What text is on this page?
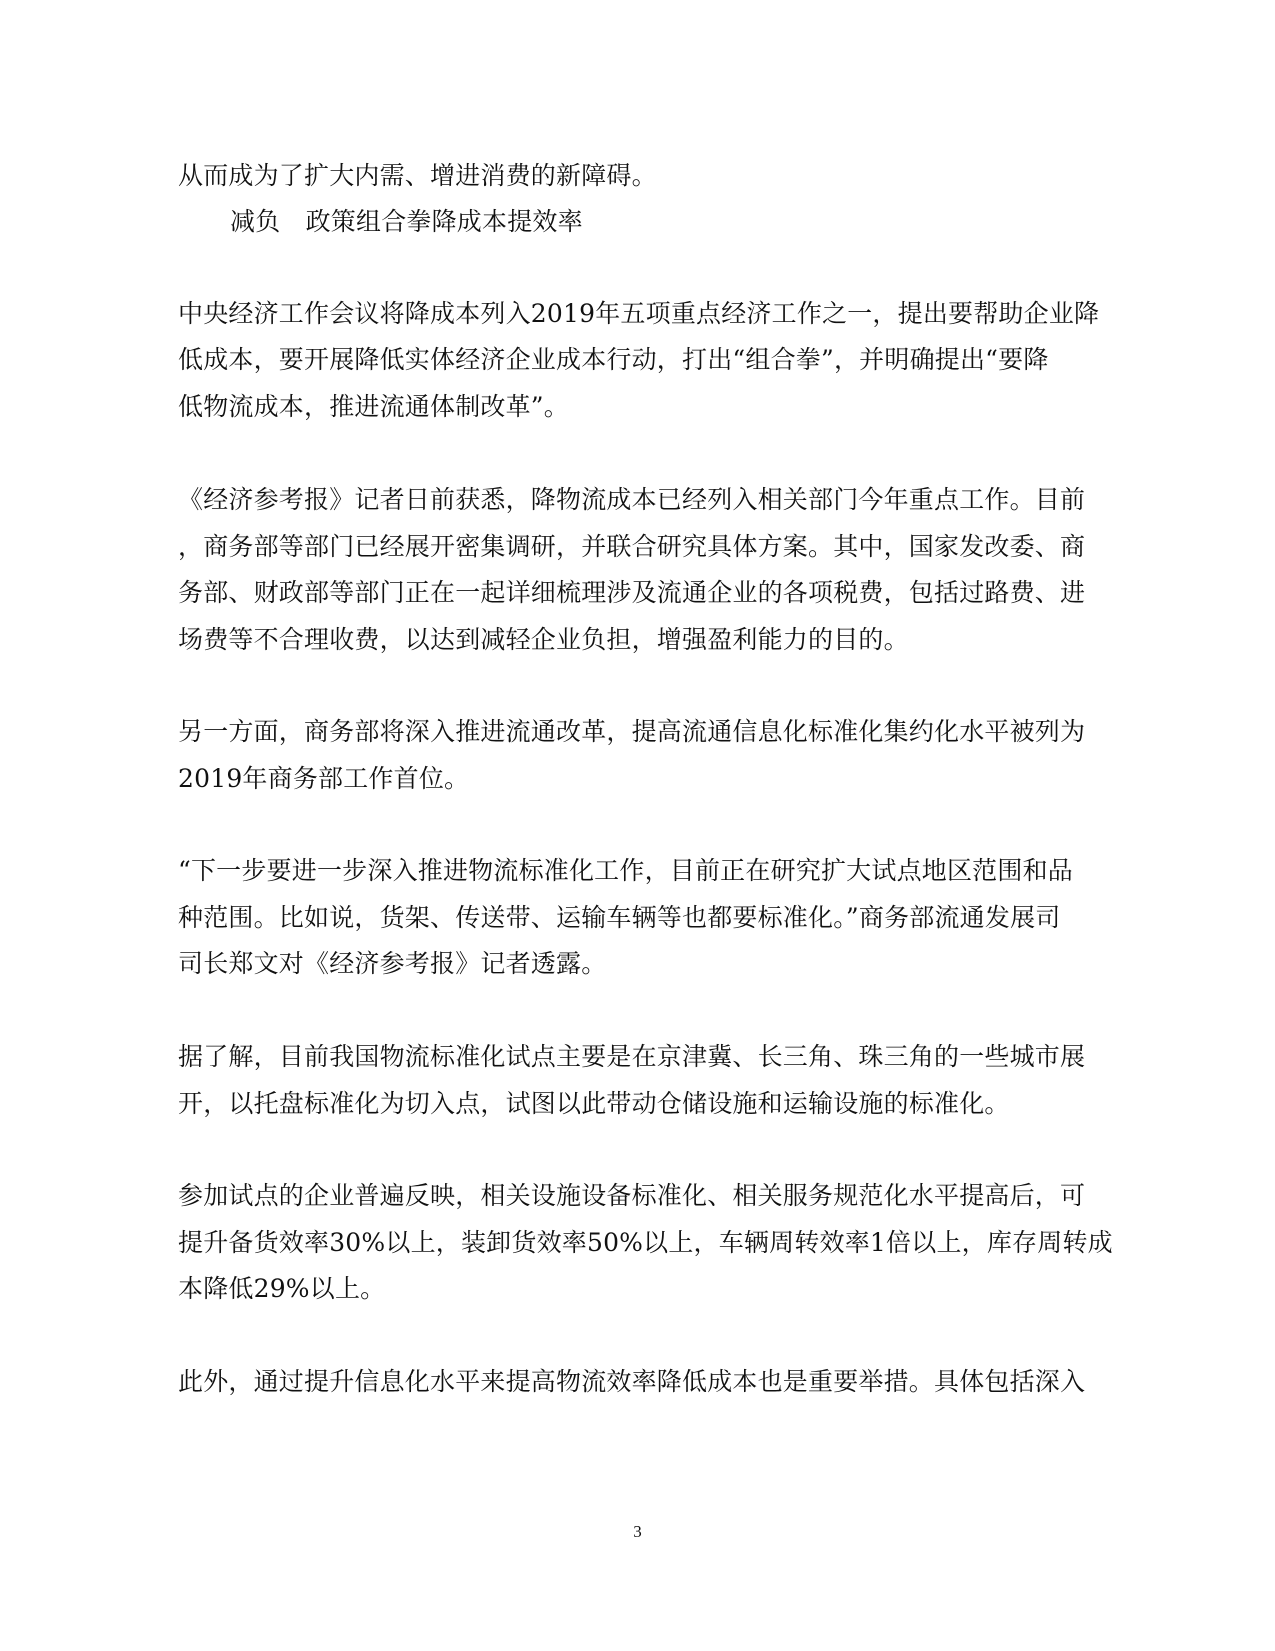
从而成为了扩大内需、增进消费的新障碍。
减负　政策组合拳降成本提效率
中央经济工作会议将降成本列入2019年五项重点经济工作之一，提出要帮助企业降
低成本，要开展降低实体经济企业成本行动，打出“组合拳”，并明确提出“要降
低物流成本，推进流通体制改革”。
《经济参考报》记者日前获悉，降物流成本已经列入相关部门今年重点工作。目前
，商务部等部门已经展开密集调研，并联合研究具体方案。其中，国家发改委、商
务部、财政部等部门正在一起详细梳理涉及流通企业的各项税费，包括过路费、进
场费等不合理收费，以达到减轻企业负担，增强盈利能力的目的。
另一方面，商务部将深入推进流通改革，提高流通信息化标准化集约化水平被列为
2019年商务部工作首位。
“下一步要进一步深入推进物流标准化工作，目前正在研究扩大试点地区范围和品
种范围。比如说，货架、传送带、运输车辆等也都要标准化。”商务部流通发展司
司长郑文对《经济参考报》记者透露。
据了解，目前我国物流标准化试点主要是在京津冀、长三角、珠三角的一些城市展
开，以托盘标准化为切入点，试图以此带动仓储设施和运输设施的标准化。
参加试点的企业普遍反映，相关设施设备标准化、相关服务规范化水平提高后，可
提升备货效率30%以上，装卸货效率50%以上，车辆周转效率1倍以上，库存周转成
本降低29%以上。
此外，通过提升信息化水平来提高物流效率降低成本也是重要举措。具体包括深入
3
